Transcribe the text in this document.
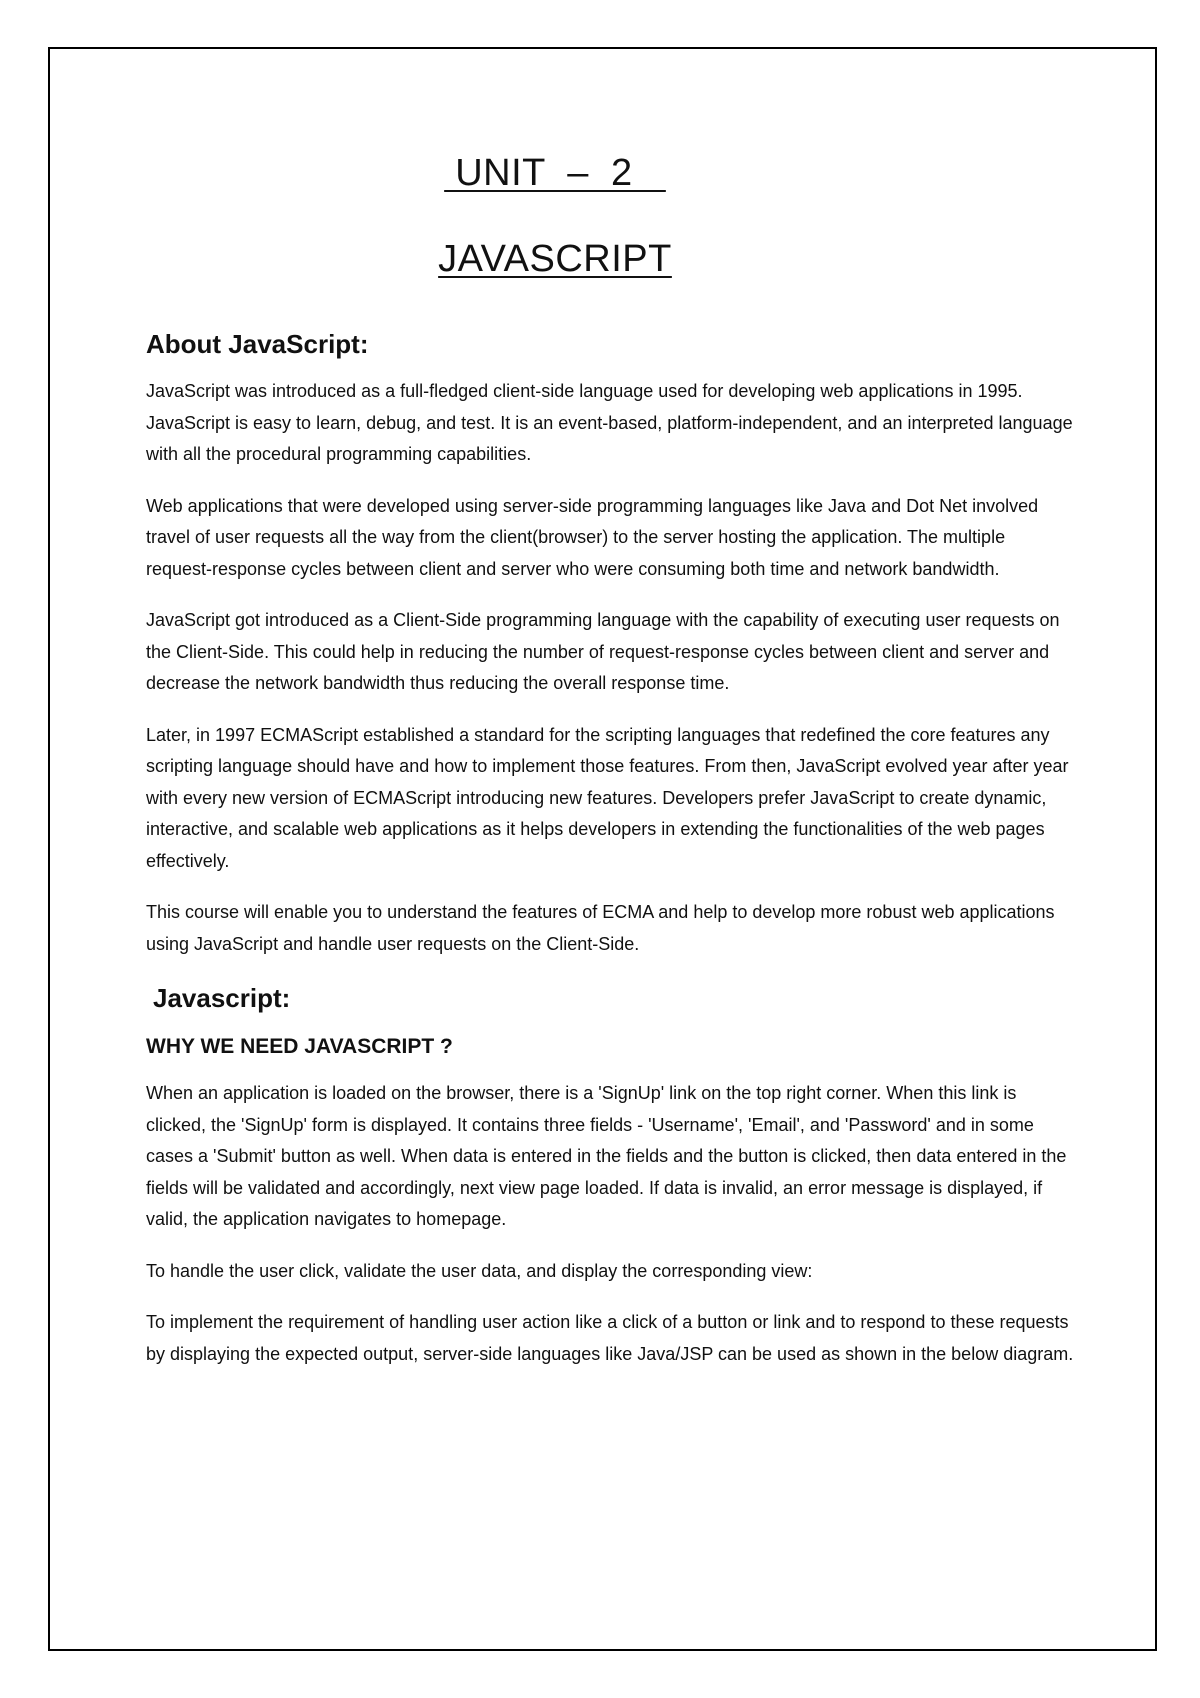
UNIT  –  2
JAVASCRIPT
About JavaScript:

JavaScript was introduced as a full-fledged client-side language used for developing web applications in 1995. JavaScript is easy to learn, debug, and test. It is an event-based, platform-independent, and an interpreted language with all the procedural programming capabilities.

Web applications that were developed using server-side programming languages like Java and Dot Net involved travel of user requests all the way from the client(browser) to the server hosting the application. The multiple request-response cycles between client and server who were consuming both time and network bandwidth.

JavaScript got introduced as a Client-Side programming language with the capability of executing user requests on the Client-Side. This could help in reducing the number of request-response cycles between client and server and decrease the network bandwidth thus reducing the overall response time.

Later, in 1997 ECMAScript established a standard for the scripting languages that redefined the core features any scripting language should have and how to implement those features. From then, JavaScript evolved year after year with every new version of ECMAScript introducing new features. Developers prefer JavaScript to create dynamic, interactive, and scalable web applications as it helps developers in extending the functionalities of the web pages effectively.

This course will enable you to understand the features of ECMA and help to develop more robust web applications using JavaScript and handle user requests on the Client-Side.

Javascript:
WHY WE NEED JAVASCRIPT ?

When an application is loaded on the browser, there is a 'SignUp' link on the top right corner. When this link is clicked, the 'SignUp' form is displayed. It contains three fields - 'Username', 'Email', and 'Password' and in some cases a 'Submit' button as well. When data is entered in the fields and the button is clicked, then data entered in the fields will be validated and accordingly, next view page loaded. If data is invalid, an error message is displayed, if valid, the application navigates to homepage.

To handle the user click, validate the user data, and display the corresponding view:

To implement the requirement of handling user action like a click of a button or link and to respond to these requests by displaying the expected output, server-side languages like Java/JSP can be used as shown in the below diagram.
